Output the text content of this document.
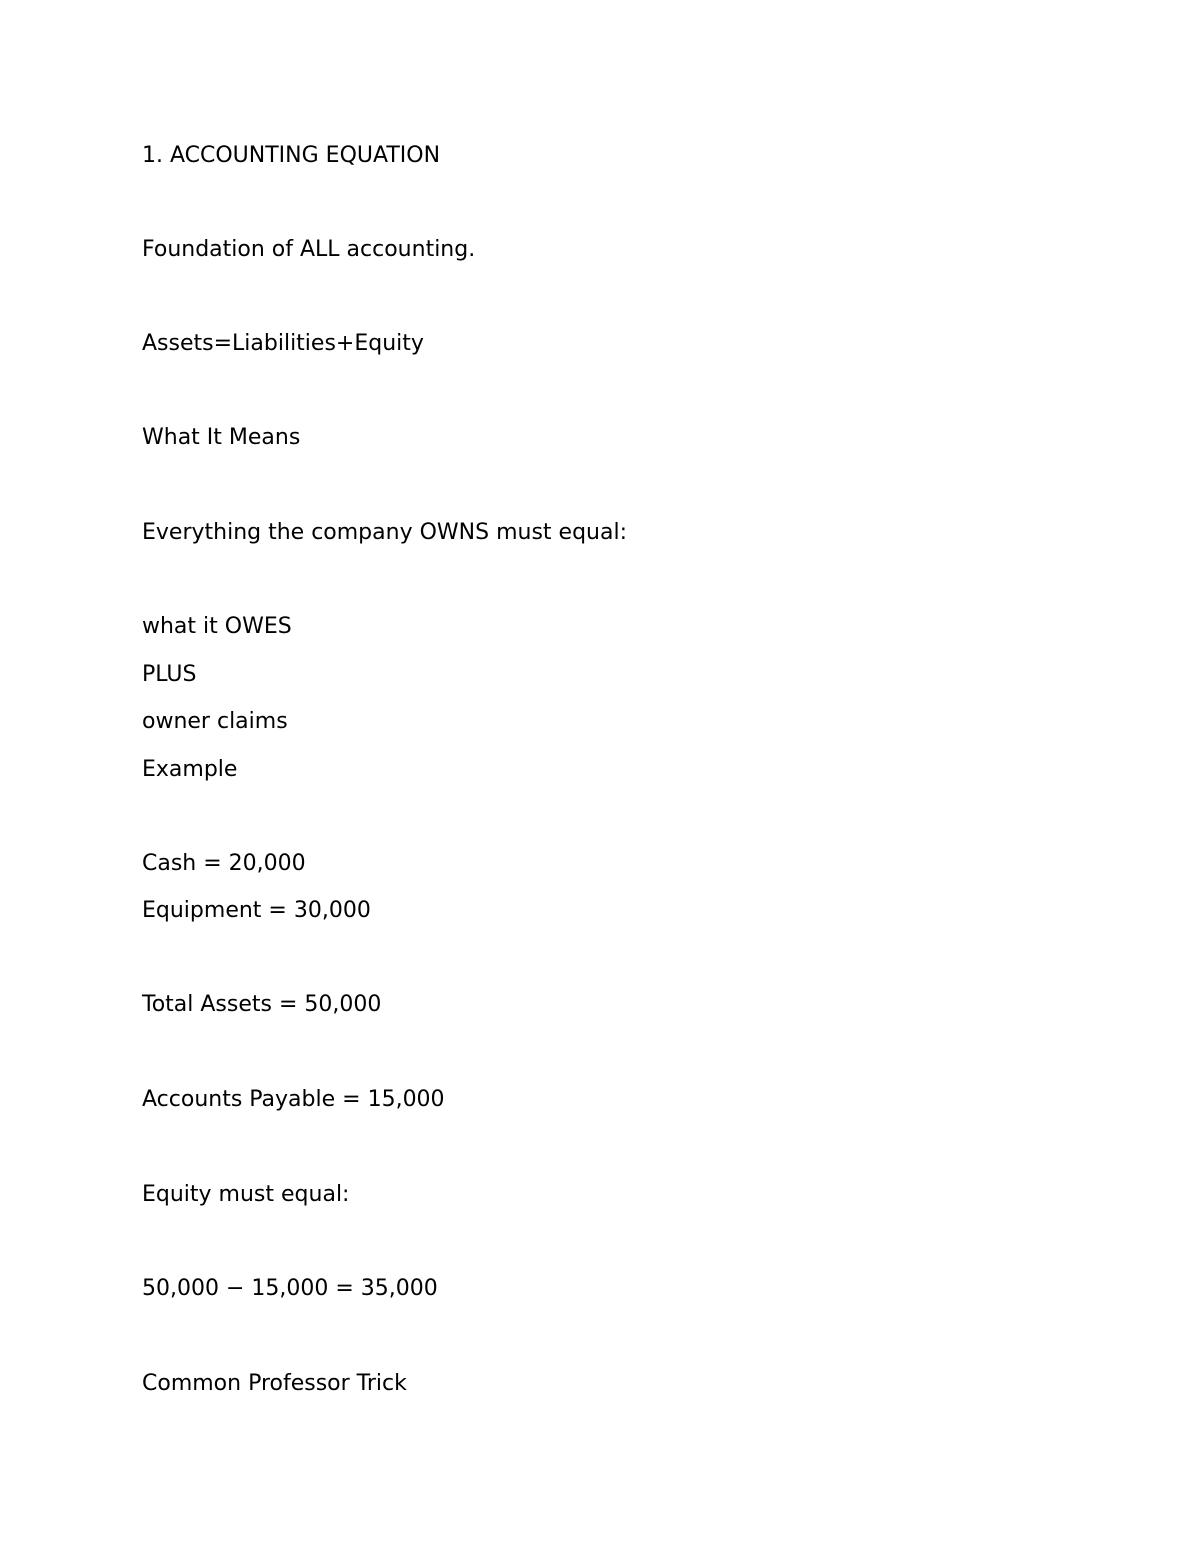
1. ACCOUNTING EQUATION

Foundation of ALL accounting.

Assets=Liabilities+Equity

What It Means

Everything the company OWNS must equal:

what it OWES

PLUS

owner claims

Example

Cash = 20,000

Equipment = 30,000

Total Assets = 50,000

Accounts Payable = 15,000

Equity must equal:

50,000 − 15,000 = 35,000

Common Professor Trick
